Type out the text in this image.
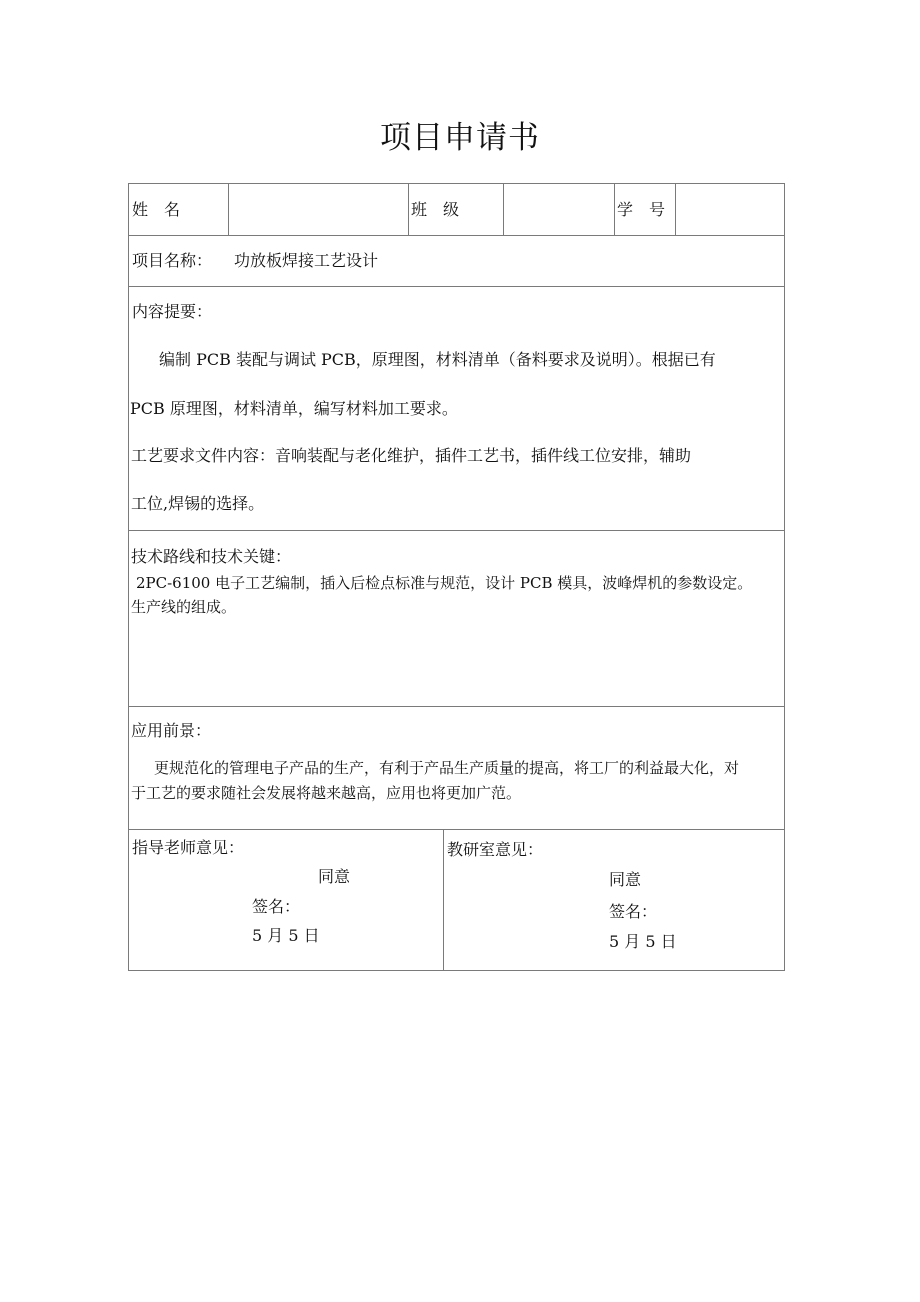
项目申请书
姓名	班级	学号
项目名称： 功放板焊接工艺设计
内容提要：
编制 PCB 装配与调试 PCB，原理图，材料清单（备料要求及说明）。根据已有
PCB 原理图，材料清单，编写材料加工要求。
工艺要求文件内容：音响装配与老化维护，插件工艺书，插件线工位安排，辅助
工位,焊锡的选择。
技术路线和技术关键：
2PC-6100 电子工艺编制，插入后检点标准与规范，设计 PCB 模具，波峰焊机的参数设定。
生产线的组成。
应用前景：
更规范化的管理电子产品的生产，有利于产品生产质量的提高，将工厂的利益最大化，对
于工艺的要求随社会发展将越来越高，应用也将更加广范。
指导老师意见：
同意
签名：
5 月 5 日
教研室意见：
同意
签名：
5 月 5 日
